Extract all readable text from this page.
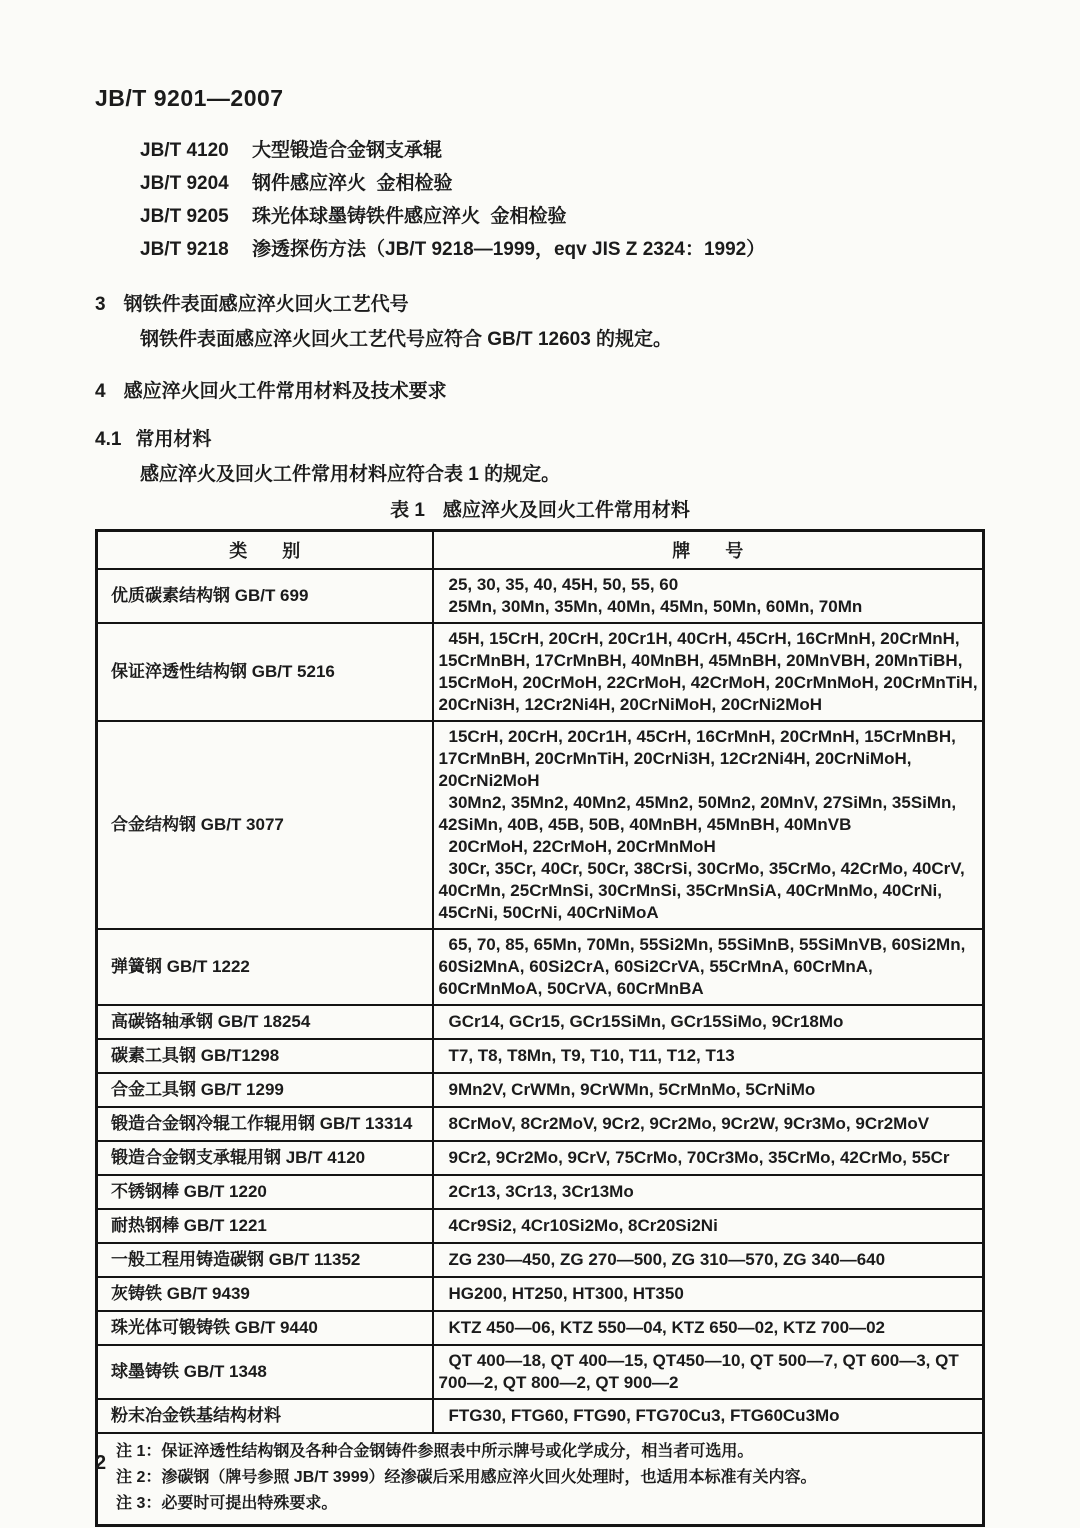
JB/T 9201—2007
JB/T 4120	大型锻造合金钢支承辊
JB/T 9204	钢件感应淬火  金相检验
JB/T 9205	珠光体球墨铸铁件感应淬火  金相检验
JB/T 9218	渗透探伤方法（JB/T 9218—1999，eqv JIS Z 2324：1992）
3 钢铁件表面感应淬火回火工艺代号
钢铁件表面感应淬火回火工艺代号应符合 GB/T 12603 的规定。
4 感应淬火回火工件常用材料及技术要求
4.1 常用材料
感应淬火及回火工件常用材料应符合表 1 的规定。
表 1 感应淬火及回火工件常用材料
类 别	牌 号
优质碳素结构钢 GB/T 699	25, 30, 35, 40, 45H, 50, 55, 60
25Mn, 30Mn, 35Mn, 40Mn, 45Mn, 50Mn, 60Mn, 70Mn

保证淬透性结构钢 GB/T 5216	45H, 15CrH, 20CrH, 20Cr1H, 40CrH, 45CrH, 16CrMnH, 20CrMnH, 15CrMnBH, 17CrMnBH, 40MnBH, 45MnBH, 20MnVBH, 20MnTiBH, 15CrMoH, 20CrMoH, 22CrMoH, 42CrMoH, 20CrMnMoH, 20CrMnTiH, 20CrNi3H, 12Cr2Ni4H, 20CrNiMoH, 20CrNi2MoH

合金结构钢 GB/T 3077	15CrH, 20CrH, 20Cr1H, 45CrH, 16CrMnH, 20CrMnH, 15CrMnBH, 17CrMnBH, 20CrMnTiH, 20CrNi3H, 12Cr2Ni4H, 20CrNiMoH, 20CrNi2MoH
30Mn2, 35Mn2, 40Mn2, 45Mn2, 50Mn2, 20MnV, 27SiMn, 35SiMn, 42SiMn, 40B, 45B, 50B, 40MnBH, 45MnBH, 40MnVB
20CrMoH, 22CrMoH, 20CrMnMoH
30Cr, 35Cr, 40Cr, 50Cr, 38CrSi, 30CrMo, 35CrMo, 42CrMo, 40CrV, 40CrMn, 25CrMnSi, 30CrMnSi, 35CrMnSiA, 40CrMnMo, 40CrNi, 45CrNi, 50CrNi, 40CrNiMoA

弹簧钢 GB/T 1222	65, 70, 85, 65Mn, 70Mn, 55Si2Mn, 55SiMnB, 55SiMnVB, 60Si2Mn, 60Si2MnA, 60Si2CrA, 60Si2CrVA, 55CrMnA, 60CrMnA, 60CrMnMoA, 50CrVA, 60CrMnBA

高碳铬轴承钢 GB/T 18254	GCr14, GCr15, GCr15SiMn, GCr15SiMo, 9Cr18Mo

碳素工具钢 GB/T1298	T7, T8, T8Mn, T9, T10, T11, T12, T13

合金工具钢 GB/T 1299	9Mn2V, CrWMn, 9CrWMn, 5CrMnMo, 5CrNiMo

锻造合金钢冷辊工作辊用钢 GB/T 13314	8CrMoV, 8Cr2MoV, 9Cr2, 9Cr2Mo, 9Cr2W, 9Cr3Mo, 9Cr2MoV

锻造合金钢支承辊用钢 JB/T 4120	9Cr2, 9Cr2Mo, 9CrV, 75CrMo, 70Cr3Mo, 35CrMo, 42CrMo, 55Cr

不锈钢棒 GB/T 1220	2Cr13, 3Cr13, 3Cr13Mo

耐热钢棒 GB/T 1221	4Cr9Si2, 4Cr10Si2Mo, 8Cr20Si2Ni

一般工程用铸造碳钢 GB/T 11352	ZG 230—450, ZG 270—500, ZG 310—570, ZG 340—640

灰铸铁 GB/T 9439	HG200, HT250, HT300, HT350

珠光体可锻铸铁 GB/T 9440	KTZ 450—06, KTZ 550—04, KTZ 650—02, KTZ 700—02

球墨铸铁 GB/T 1348	QT 400—18, QT 400—15, QT450—10, QT 500—7, QT 600—3, QT 700—2, QT 800—2, QT 900—2

粉末冶金铁基结构材料	FTG30, FTG60, FTG90, FTG70Cu3, FTG60Cu3Mo

注 1：保证淬透性结构钢及各种合金钢铸件参照表中所示牌号或化学成分，相当者可选用。
注 2：渗碳钢（牌号参照 JB/T 3999）经渗碳后采用感应淬火回火处理时，也适用本标准有关内容。
注 3：必要时可提出特殊要求。	
2
